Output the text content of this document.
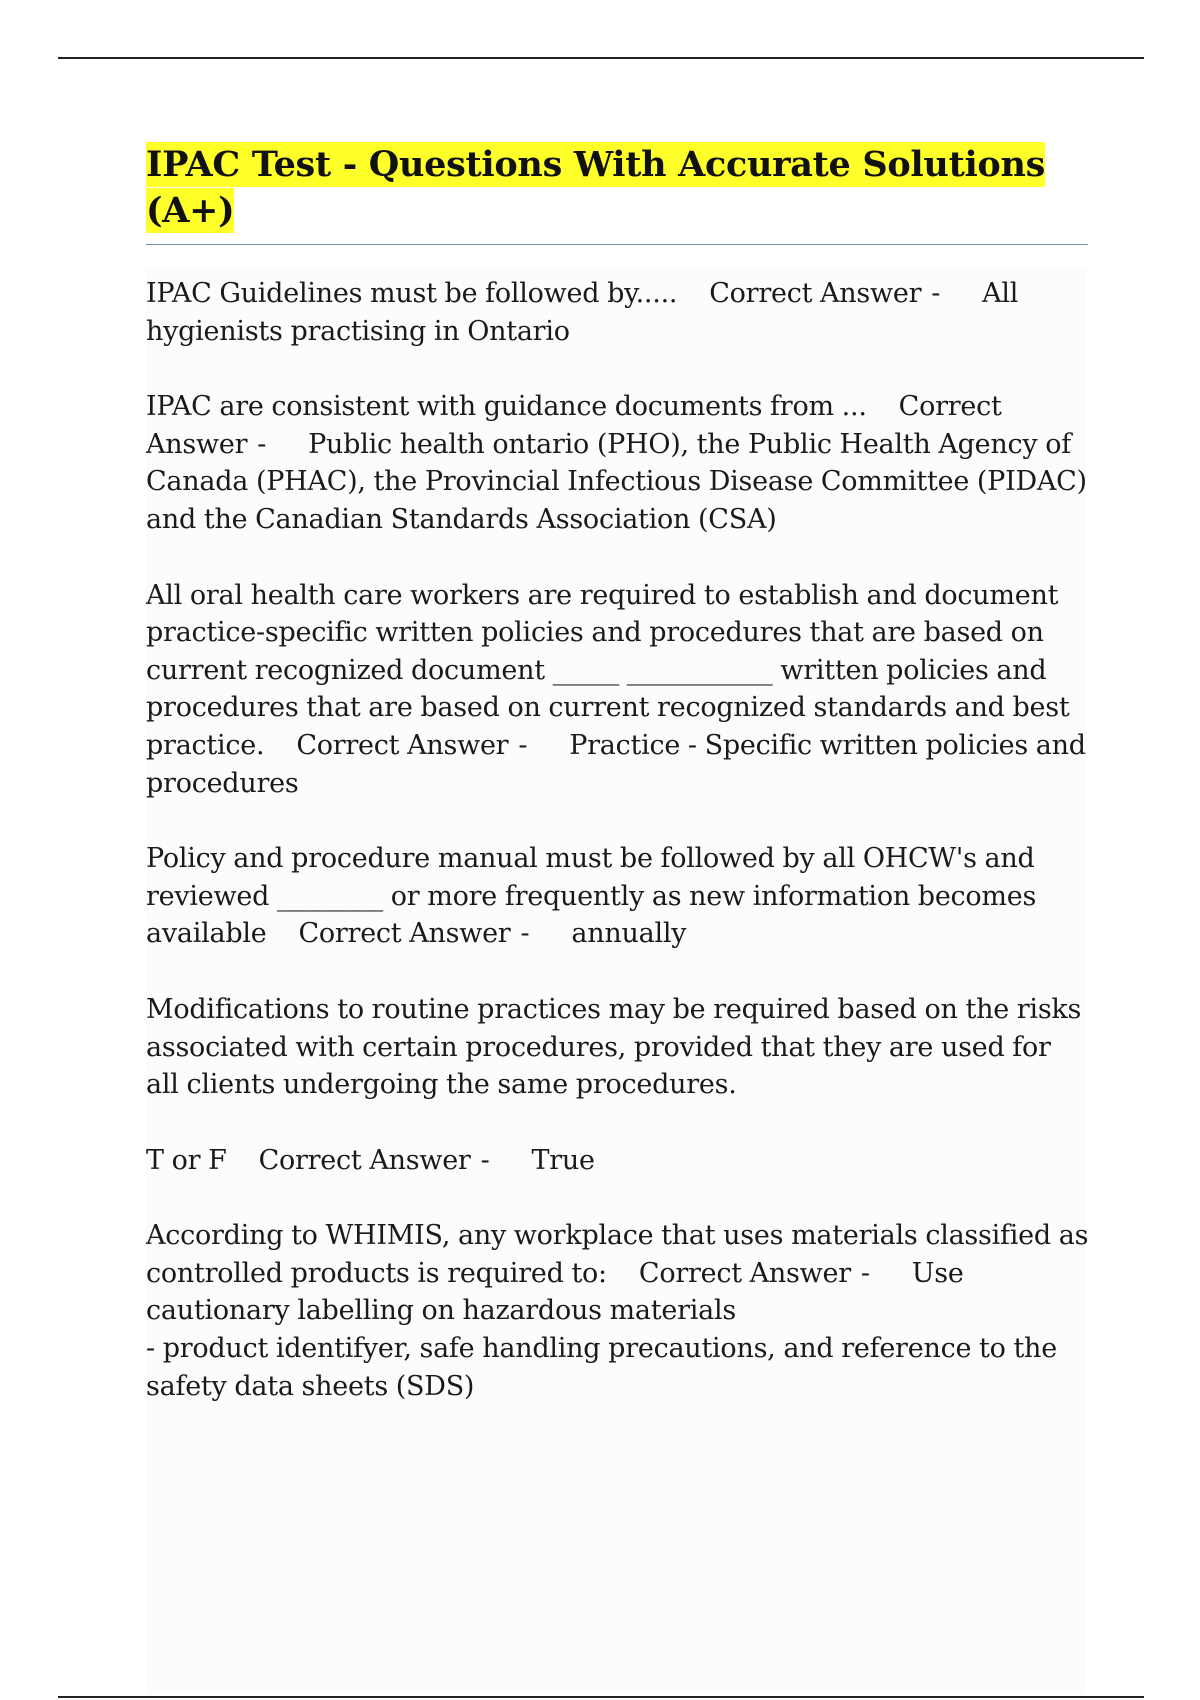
IPAC Test - Questions With Accurate Solutions (A+)

IPAC Guidelines must be followed by..... Correct Answer - All hygienists practising in Ontario

IPAC are consistent with guidance documents from ... Correct Answer - Public health ontario (PHO), the Public Health Agency of Canada (PHAC), the Provincial Infectious Disease Committee (PIDAC) and the Canadian Standards Association (CSA)

All oral health care workers are required to establish and document practice-specific written policies and procedures that are based on current recognized document _____ ___________ written policies and procedures that are based on current recognized standards and best practice. Correct Answer - Practice - Specific written policies and procedures

Policy and procedure manual must be followed by all OHCW's and reviewed ________ or more frequently as new information becomes available Correct Answer - annually

Modifications to routine practices may be required based on the risks associated with certain procedures, provided that they are used for all clients undergoing the same procedures.

T or F Correct Answer - True

According to WHIMIS, any workplace that uses materials classified as controlled products is required to: Correct Answer - Use cautionary labelling on hazardous materials
- product identifyer, safe handling precautions, and reference to the safety data sheets (SDS)
